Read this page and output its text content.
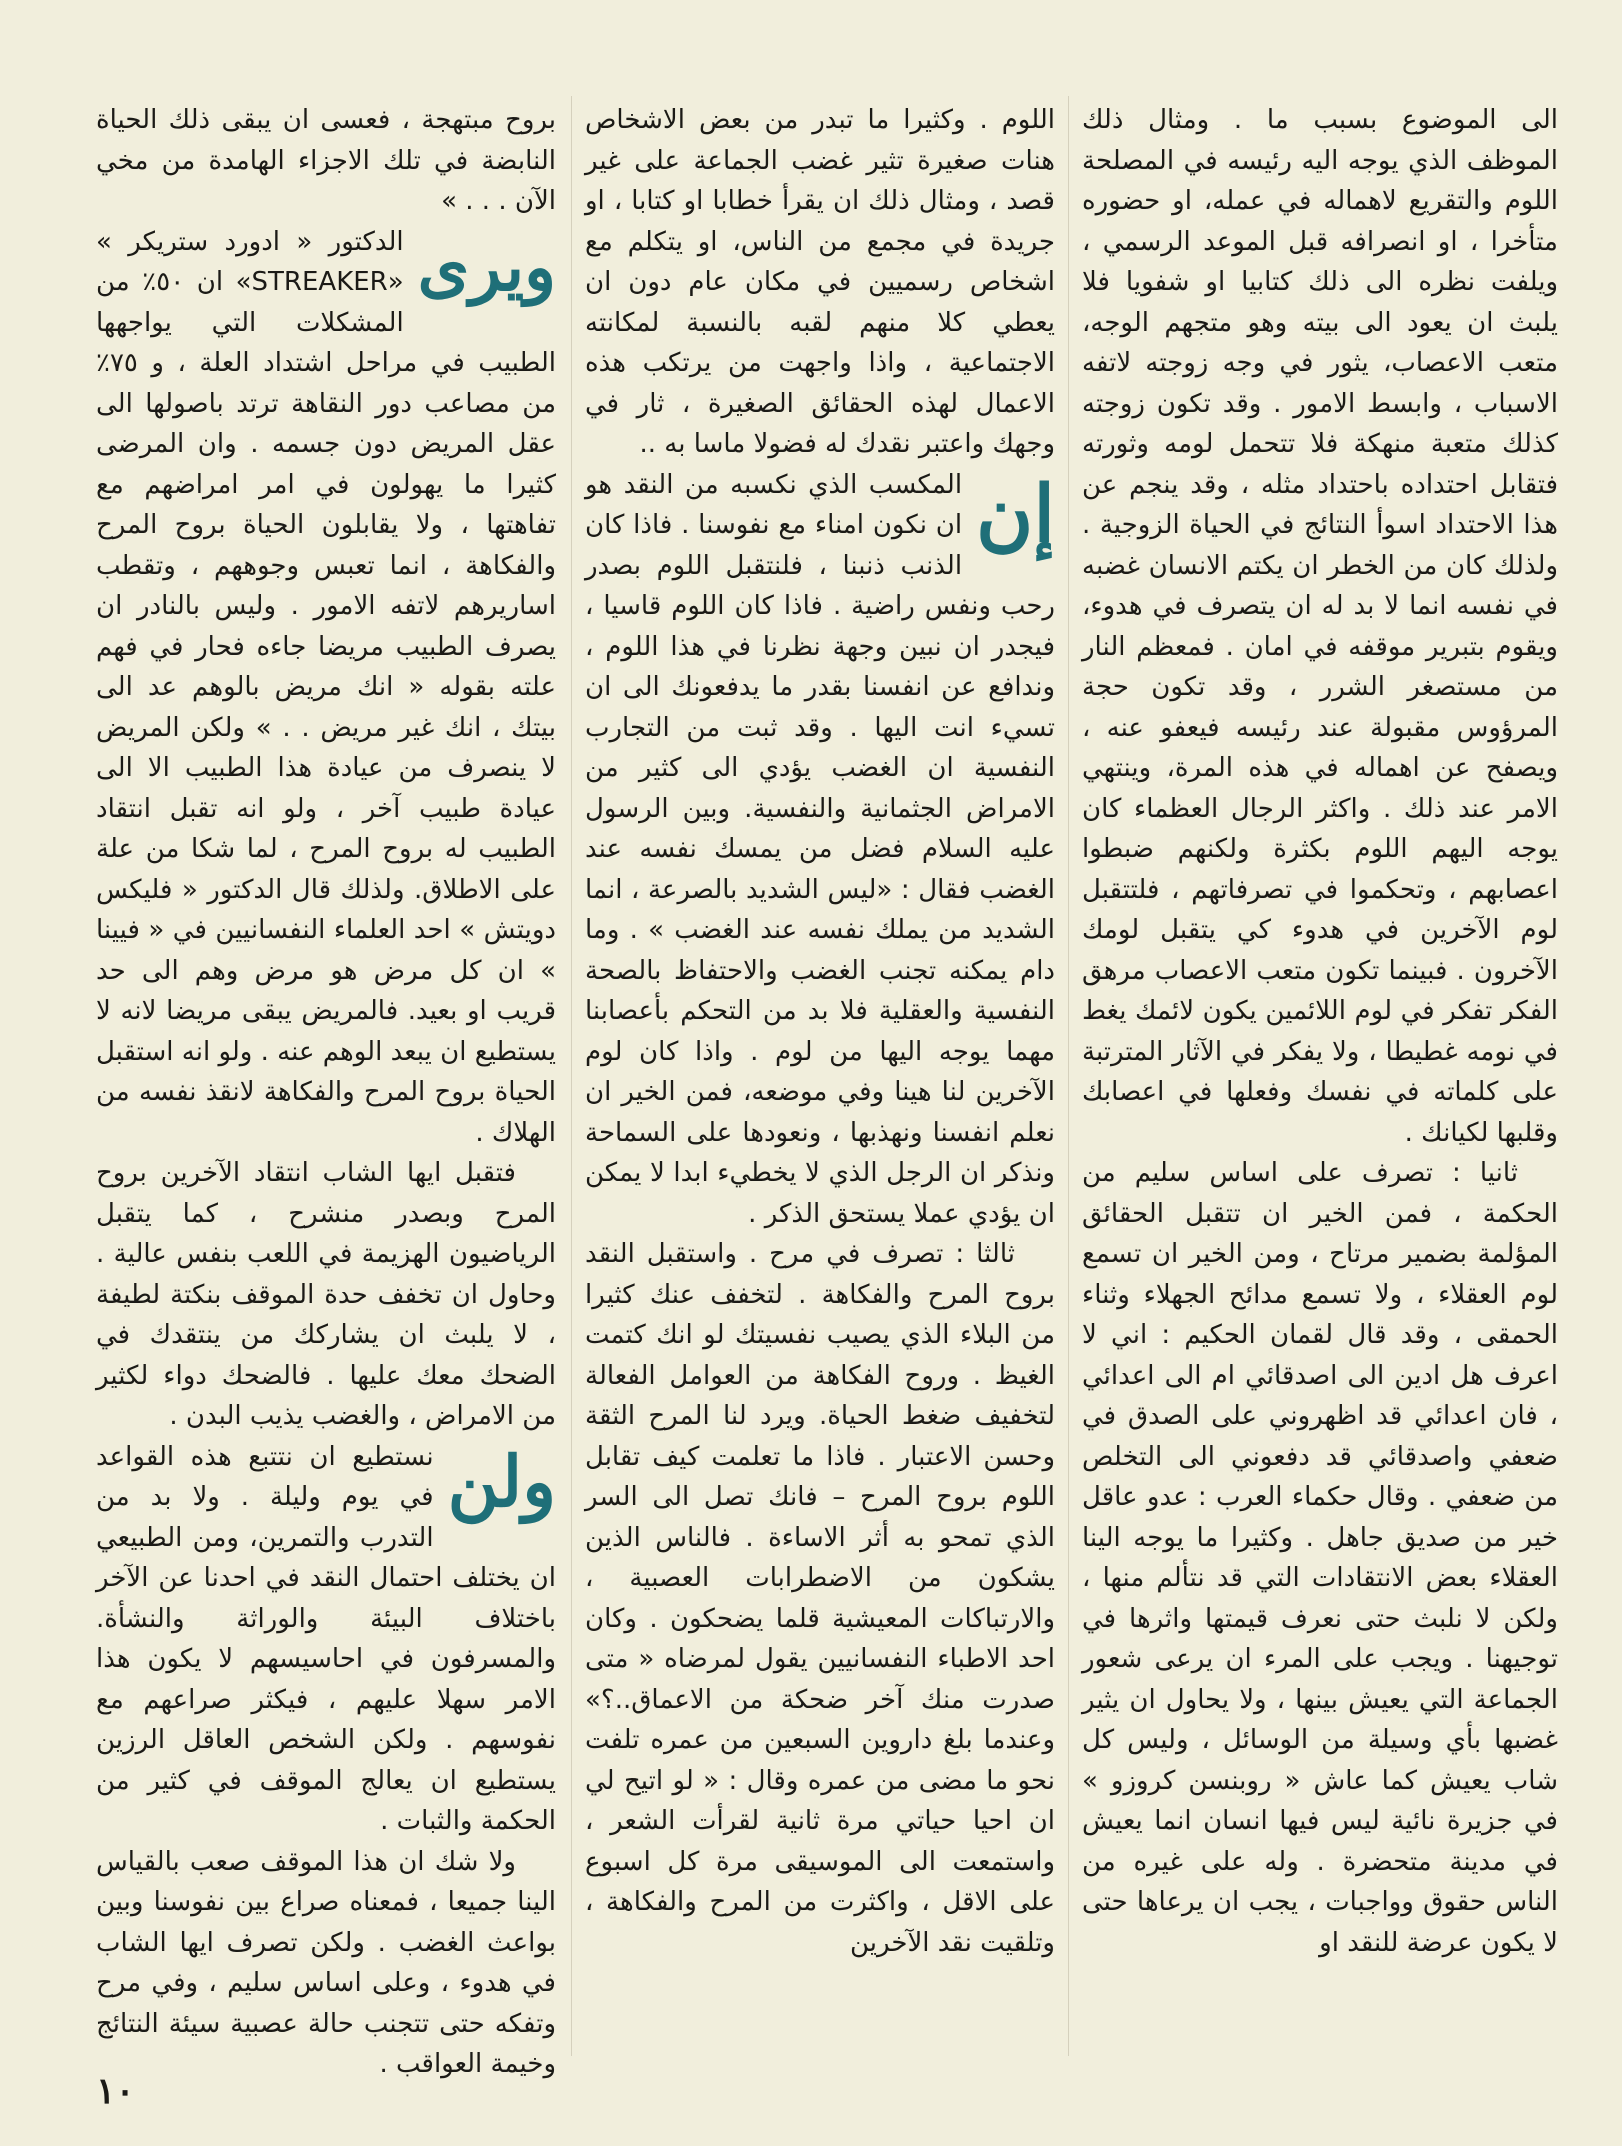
الى الموضوع بسبب ما . ومثال ذلك الموظف الذي يوجه اليه رئيسه في المصلحة اللوم والتقريع لاهماله في عمله، او حضوره متأخرا ، او انصرافه قبل الموعد الرسمي ، ويلفت نظره الى ذلك كتابيا او شفويا فلا يلبث ان يعود الى بيته وهو متجهم الوجه، متعب الاعصاب، يثور في وجه زوجته لاتفه الاسباب ، وابسط الامور . وقد تكون زوجته كذلك متعبة منهكة فلا تتحمل لومه وثورته فتقابل احتداده باحتداد مثله ، وقد ينجم عن هذا الاحتداد اسوأ النتائج في الحياة الزوجية . ولذلك كان من الخطر ان يكتم الانسان غضبه في نفسه انما لا بد له ان يتصرف في هدوء، ويقوم بتبرير موقفه في امان . فمعظم النار من مستصغر الشرر ، وقد تكون حجة المرؤوس مقبولة عند رئيسه فيعفو عنه ، ويصفح عن اهماله في هذه المرة، وينتهي الامر عند ذلك . واكثر الرجال العظماء كان يوجه اليهم اللوم بكثرة ولكنهم ضبطوا اعصابهم ، وتحكموا في تصرفاتهم ، فلتتقبل لوم الآخرين في هدوء كي يتقبل لومك الآخرون . فبينما تكون متعب الاعصاب مرهق الفكر تفكر في لوم اللائمين يكون لائمك يغط في نومه غطيطا ، ولا يفكر في الآثار المترتبة على كلماته في نفسك وفعلها في اعصابك وقلبها لكيانك .

ثانيا : تصرف على اساس سليم من الحكمة ، فمن الخير ان تتقبل الحقائق المؤلمة بضمير مرتاح ، ومن الخير ان تسمع لوم العقلاء ، ولا تسمع مدائح الجهلاء وثناء الحمقى ، وقد قال لقمان الحكيم : اني لا اعرف هل ادين الى اصدقائي ام الى اعدائي ، فان اعدائي قد اظهروني على الصدق في ضعفي واصدقائي قد دفعوني الى التخلص من ضعفي . وقال حكماء العرب : عدو عاقل خير من صديق جاهل . وكثيرا ما يوجه الينا العقلاء بعض الانتقادات التي قد نتألم منها ، ولكن لا نلبث حتى نعرف قيمتها واثرها في توجيهنا . ويجب على المرء ان يرعى شعور الجماعة التي يعيش بينها ، ولا يحاول ان يثير غضبها بأي وسيلة من الوسائل ، وليس كل شاب يعيش كما عاش « روبنسن كروزو » في جزيرة نائية ليس فيها انسان انما يعيش في مدينة متحضرة . وله على غيره من الناس حقوق وواجبات ، يجب ان يرعاها حتى لا يكون عرضة للنقد او

اللوم . وكثيرا ما تبدر من بعض الاشخاص هنات صغيرة تثير غضب الجماعة على غير قصد ، ومثال ذلك ان يقرأ خطابا او كتابا ، او جريدة في مجمع من الناس، او يتكلم مع اشخاص رسميين في مكان عام دون ان يعطي كلا منهم لقبه بالنسبة لمكانته الاجتماعية ، واذا واجهت من يرتكب هذه الاعمال لهذه الحقائق الصغيرة ، ثار في وجهك واعتبر نقدك له فضولا ماسا به ..

إن
المكسب الذي نكسبه من النقد هو ان نكون امناء مع نفوسنا . فاذا كان الذنب ذنبنا ، فلنتقبل اللوم بصدر رحب ونفس راضية . فاذا كان اللوم قاسيا ، فيجدر ان نبين وجهة نظرنا في هذا اللوم ، وندافع عن انفسنا بقدر ما يدفعونك الى ان تسيء انت اليها . وقد ثبت من التجارب النفسية ان الغضب يؤدي الى كثير من الامراض الجثمانية والنفسية. وبين الرسول عليه السلام فضل من يمسك نفسه عند الغضب فقال : «ليس الشديد بالصرعة ، انما الشديد من يملك نفسه عند الغضب » . وما دام يمكنه تجنب الغضب والاحتفاظ بالصحة النفسية والعقلية فلا بد من التحكم بأعصابنا مهما يوجه اليها من لوم . واذا كان لوم الآخرين لنا هينا وفي موضعه، فمن الخير ان نعلم انفسنا ونهذبها ، ونعودها على السماحة ونذكر ان الرجل الذي لا يخطيء ابدا لا يمكن ان يؤدي عملا يستحق الذكر .

ثالثا : تصرف في مرح . واستقبل النقد بروح المرح والفكاهة . لتخفف عنك كثيرا من البلاء الذي يصيب نفسيتك لو انك كتمت الغيظ . وروح الفكاهة من العوامل الفعالة لتخفيف ضغط الحياة. ويرد لنا المرح الثقة وحسن الاعتبار . فاذا ما تعلمت كيف تقابل اللوم بروح المرح – فانك تصل الى السر الذي تمحو به أثر الاساءة . فالناس الذين يشكون من الاضطرابات العصبية ، والارتباكات المعيشية قلما يضحكون . وكان احد الاطباء النفسانيين يقول لمرضاه « متى صدرت منك آخر ضحكة من الاعماق..؟» وعندما بلغ داروين السبعين من عمره تلفت نحو ما مضى من عمره وقال : « لو اتيح لي ان احيا حياتي مرة ثانية لقرأت الشعر ، واستمعت الى الموسيقى مرة كل اسبوع على الاقل ، واكثرت من المرح والفكاهة ، وتلقيت نقد الآخرين

بروح مبتهجة ، فعسى ان يبقى ذلك الحياة النابضة في تلك الاجزاء الهامدة من مخي الآن . . . »

ويرى
الدكتور « ادورد ستريكر » «STREAKER» ان ٥٠٪ من المشكلات التي يواجهها الطبيب في مراحل اشتداد العلة ، و ٧٥٪ من مصاعب دور النقاهة ترتد باصولها الى عقل المريض دون جسمه . وان المرضى كثيرا ما يهولون في امر امراضهم مع تفاهتها ، ولا يقابلون الحياة بروح المرح والفكاهة ، انما تعبس وجوههم ، وتقطب اساريرهم لاتفه الامور . وليس بالنادر ان يصرف الطبيب مريضا جاءه فحار في فهم علته بقوله « انك مريض بالوهم عد الى بيتك ، انك غير مريض . . » ولكن المريض لا ينصرف من عيادة هذا الطبيب الا الى عيادة طبيب آخر ، ولو انه تقبل انتقاد الطبيب له بروح المرح ، لما شكا من علة على الاطلاق. ولذلك قال الدكتور « فليكس دويتش » احد العلماء النفسانيين في « فيينا » ان كل مرض هو مرض وهم الى حد قريب او بعيد. فالمريض يبقى مريضا لانه لا يستطيع ان يبعد الوهم عنه . ولو انه استقبل الحياة بروح المرح والفكاهة لانقذ نفسه من الهلاك .

فتقبل ايها الشاب انتقاد الآخرين بروح المرح وبصدر منشرح ، كما يتقبل الرياضيون الهزيمة في اللعب بنفس عالية . وحاول ان تخفف حدة الموقف بنكتة لطيفة ، لا يلبث ان يشاركك من ينتقدك في الضحك معك عليها . فالضحك دواء لكثير من الامراض ، والغضب يذيب البدن .

ولن
نستطيع ان نتتبع هذه القواعد في يوم وليلة . ولا بد من التدرب والتمرين، ومن الطبيعي ان يختلف احتمال النقد في احدنا عن الآخر باختلاف البيئة والوراثة والنشأة. والمسرفون في احاسيسهم لا يكون هذا الامر سهلا عليهم ، فيكثر صراعهم مع نفوسهم . ولكن الشخص العاقل الرزين يستطيع ان يعالج الموقف في كثير من الحكمة والثبات .

ولا شك ان هذا الموقف صعب بالقياس الينا جميعا ، فمعناه صراع بين نفوسنا وبين بواعث الغضب . ولكن تصرف ايها الشاب في هدوء ، وعلى اساس سليم ، وفي مرح وتفكه حتى تتجنب حالة عصبية سيئة النتائج وخيمة العواقب .

١٠
